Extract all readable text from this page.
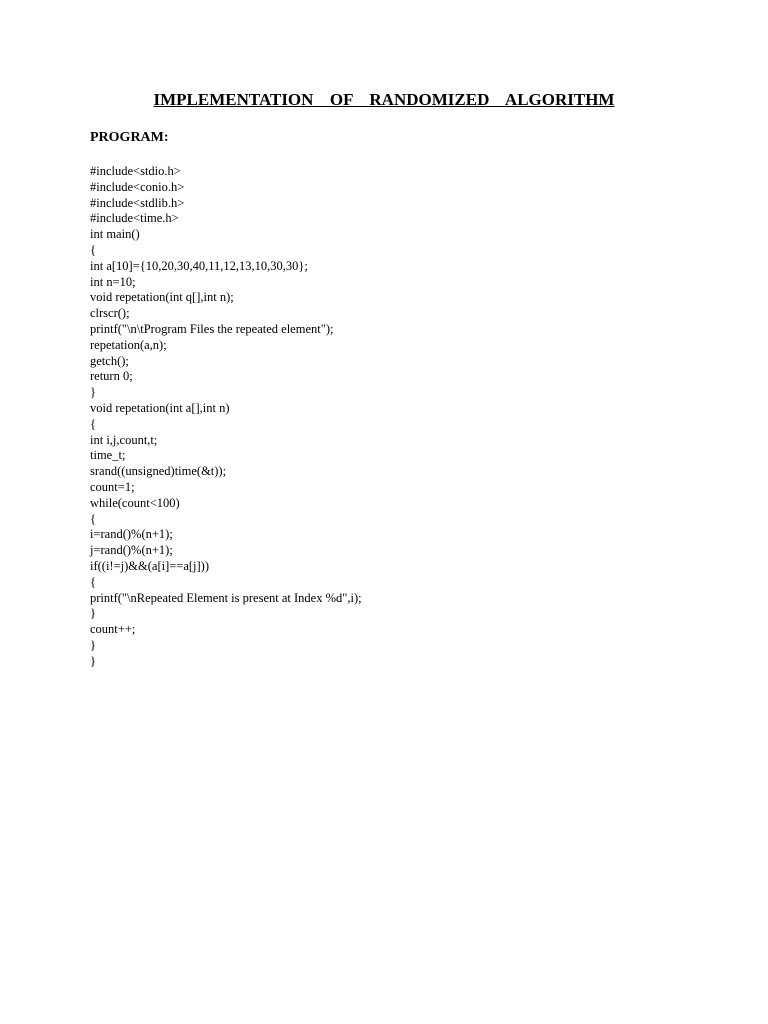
IMPLEMENTATION  OF  RANDOMIZED  ALGORITHM
PROGRAM:
#include<stdio.h>
#include<conio.h>
#include<stdlib.h>
#include<time.h>
int main()
{
int a[10]={10,20,30,40,11,12,13,10,30,30};
int n=10;
void repetation(int q[],int n);
clrscr();
printf("\n\tProgram Files the repeated element");
repetation(a,n);
getch();
return 0;
}
void repetation(int a[],int n)
{
int i,j,count,t;
time_t;
srand((unsigned)time(&t));
count=1;
while(count<100)
{
i=rand()%(n+1);
j=rand()%(n+1);
if((i!=j)&&(a[i]==a[j]))
{
printf("\nRepeated Element is present at Index %d",i);
}
count++;
}
}
